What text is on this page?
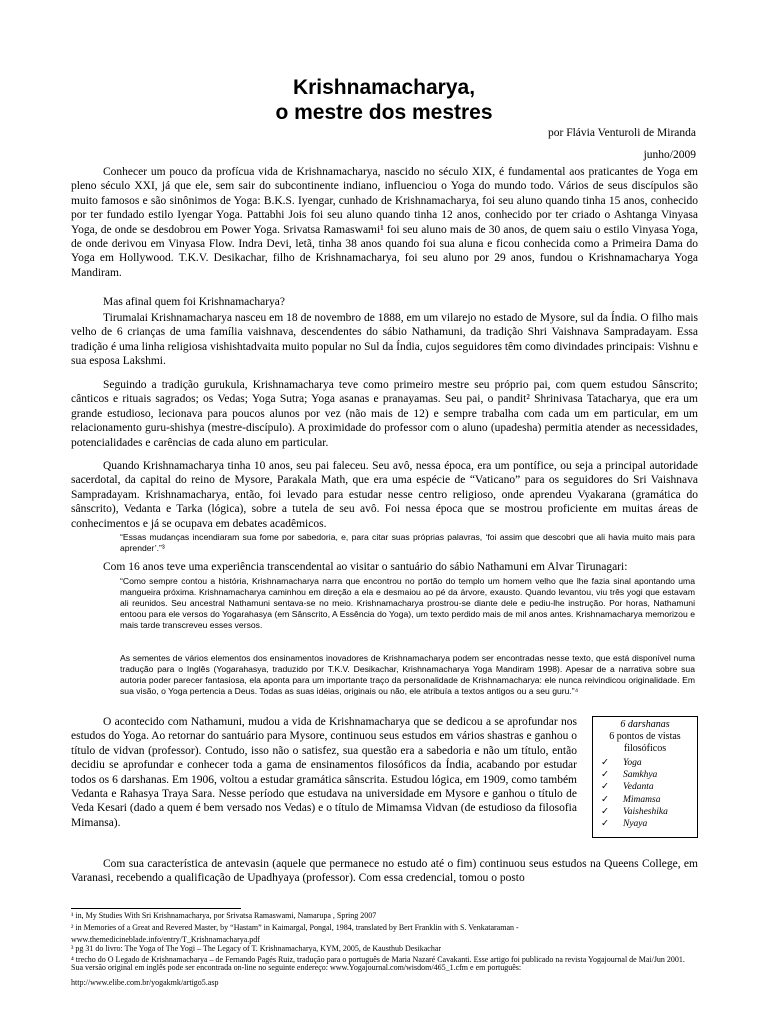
Krishnamacharya,
o mestre dos mestres
por Flávia Venturoli de Miranda
junho/2009

Conhecer um pouco da profícua vida de Krishnamacharya, nascido no século XIX, é fundamental aos praticantes de Yoga em pleno século XXI, já que ele, sem sair do subcontinente indiano, influenciou o Yoga do mundo todo. Vários de seus discípulos são muito famosos e são sinônimos de Yoga: B.K.S. Iyengar, cunhado de Krishnamacharya, foi seu aluno quando tinha 15 anos, conhecido por ter fundado estilo Iyengar Yoga. Pattabhi Jois foi seu aluno quando tinha 12 anos, conhecido por ter criado o Ashtanga Vinyasa Yoga, de onde se desdobrou em Power Yoga. Srivatsa Ramaswami¹ foi seu aluno mais de 30 anos, de quem saiu o estilo Vinyasa Yoga, de onde derivou em Vinyasa Flow. Indra Devi, letã, tinha 38 anos quando foi sua aluna e ficou conhecida como a Primeira Dama do Yoga em Hollywood. T.K.V. Desikachar, filho de Krishnamacharya, foi seu aluno por 29 anos, fundou o Krishnamacharya Yoga Mandiram.

Mas afinal quem foi Krishnamacharya?

Tirumalai Krishnamacharya nasceu em 18 de novembro de 1888, em um vilarejo no estado de Mysore, sul da Índia. O filho mais velho de 6 crianças de uma família vaishnava, descendentes do sábio Nathamuni, da tradição Shri Vaishnava Sampradayam. Essa tradição é uma linha religiosa vishishtadvaita muito popular no Sul da Índia, cujos seguidores têm como divindades principais: Vishnu e sua esposa Lakshmi.

Seguindo a tradição gurukula, Krishnamacharya teve como primeiro mestre seu próprio pai, com quem estudou Sânscrito; cânticos e rituais sagrados; os Vedas; Yoga Sutra; Yoga asanas e pranayamas. Seu pai, o pandit² Shrinivasa Tatacharya, que era um grande estudioso, lecionava para poucos alunos por vez (não mais de 12) e sempre trabalha com cada um em particular, em um relacionamento guru-shishya (mestre-discípulo). A proximidade do professor com o aluno (upadesha) permitia atender as necessidades, potencialidades e carências de cada aluno em particular.

Quando Krishnamacharya tinha 10 anos, seu pai faleceu. Seu avô, nessa época, era um pontífice, ou seja a principal autoridade sacerdotal, da capital do reino de Mysore, Parakala Math, que era uma espécie de “Vaticano” para os seguidores do Sri Vaishnava Sampradayam. Krishnamacharya, então, foi levado para estudar nesse centro religioso, onde aprendeu Vyakarana (gramática do sânscrito), Vedanta e Tarka (lógica), sobre a tutela de seu avô. Foi nessa época que se mostrou proficiente em muitas áreas de conhecimentos e já se ocupava em debates acadêmicos.

“Essas mudanças incendiaram sua fome por sabedoria, e, para citar suas próprias palavras, ‘foi assim que descobri que ali havia muito mais para aprender’.”³

Com 16 anos teve uma experiência transcendental ao visitar o santuário do sábio Nathamuni em Alvar Tirunagari:

“Como sempre contou a história, Krishnamacharya narra que encontrou no portão do templo um homem velho que lhe fazia sinal apontando uma mangueira próxima. Krishnamacharya caminhou em direção a ela e desmaiou ao pé da árvore, exausto. Quando levantou, viu três yogi que estavam ali reunidos. Seu ancestral Nathamuni sentava-se no meio. Krishnamacharya prostrou-se diante dele e pediu-lhe instrução. Por horas, Nathamuni entoou para ele versos do Yogarahasya (em Sânscrito, A Essência do Yoga), um texto perdido mais de mil anos antes. Krishnamacharya memorizou e mais tarde transcreveu esses versos.

As sementes de vários elementos dos ensinamentos inovadores de Krishnamacharya podem ser encontradas nesse texto, que está disponível numa tradução para o Inglês (Yogarahasya, traduzido por T.K.V. Desikachar, Krishnamacharya Yoga Mandiram 1998). Apesar de a narrativa sobre sua autoria poder parecer fantasiosa, ela aponta para um importante traço da personalidade de Krishnamacharya: ele nunca reivindicou originalidade. Em sua visão, o Yoga pertencia a Deus. Todas as suas idéias, originais ou não, ele atribuía a textos antigos ou a seu guru.”⁴

O acontecido com Nathamuni, mudou a vida de Krishnamacharya que se dedicou a se aprofundar nos estudos do Yoga. Ao retornar do santuário para Mysore, continuou seus estudos em vários shastras e ganhou o título de vidvan (professor). Contudo, isso não o satisfez, sua questão era a sabedoria e não um título, então decidiu se aprofundar e conhecer toda a gama de ensinamentos filosóficos da Índia, acabando por estudar todos os 6 darshanas. Em 1906, voltou a estudar gramática sânscrita. Estudou lógica, em 1909, como também Vedanta e Rahasya Traya Sara. Nesse período que estudava na universidade em Mysore e ganhou o título de Veda Kesari (dado a quem é bem versado nos Vedas) e o título de Mimamsa Vidvan (de estudioso da filosofia Mimansa).

6 darshanas
6 pontos de vistas filosóficos
✓ Yoga
✓ Samkhya
✓ Vedanta
✓ Mimamsa
✓ Vaisheshika
✓ Nyaya

Com sua característica de antevasin (aquele que permanece no estudo até o fim) continuou seus estudos na Queens College, em Varanasi, recebendo a qualificação de Upadhyaya (professor). Com essa credencial, tomou o posto

¹ in, My Studies With Sri Krishnamacharya, por Srivatsa Ramaswami, Namarupa , Spring 2007

² in Memories of a Great and Revered Master, by “Hastam” in Kaimargal, Pongal, 1984, translated by Bert Franklin with S. Venkataraman -

www.themedicineblade.info/entry/T_Krishnamacharya.pdf

³ pg 31 do livro: The Yoga of The Yogi – The Legacy of T. Krishnamacharya, KYM, 2005, de Kausthub Desikachar

⁴ trecho do O Legado de Krishnamacharya – de Fernando Pagés Ruiz, tradução para o português de Maria Nazaré Cavakanti. Esse artigo foi publicado na revista Yogajournal de Mai/Jun 2001. Sua versão original em inglês pode ser encontrada on-line no seguinte endereço: www.Yogajournal.com/wisdom/465_1.cfm e em português:

http://www.elibe.com.br/yogakmk/artigo5.asp
